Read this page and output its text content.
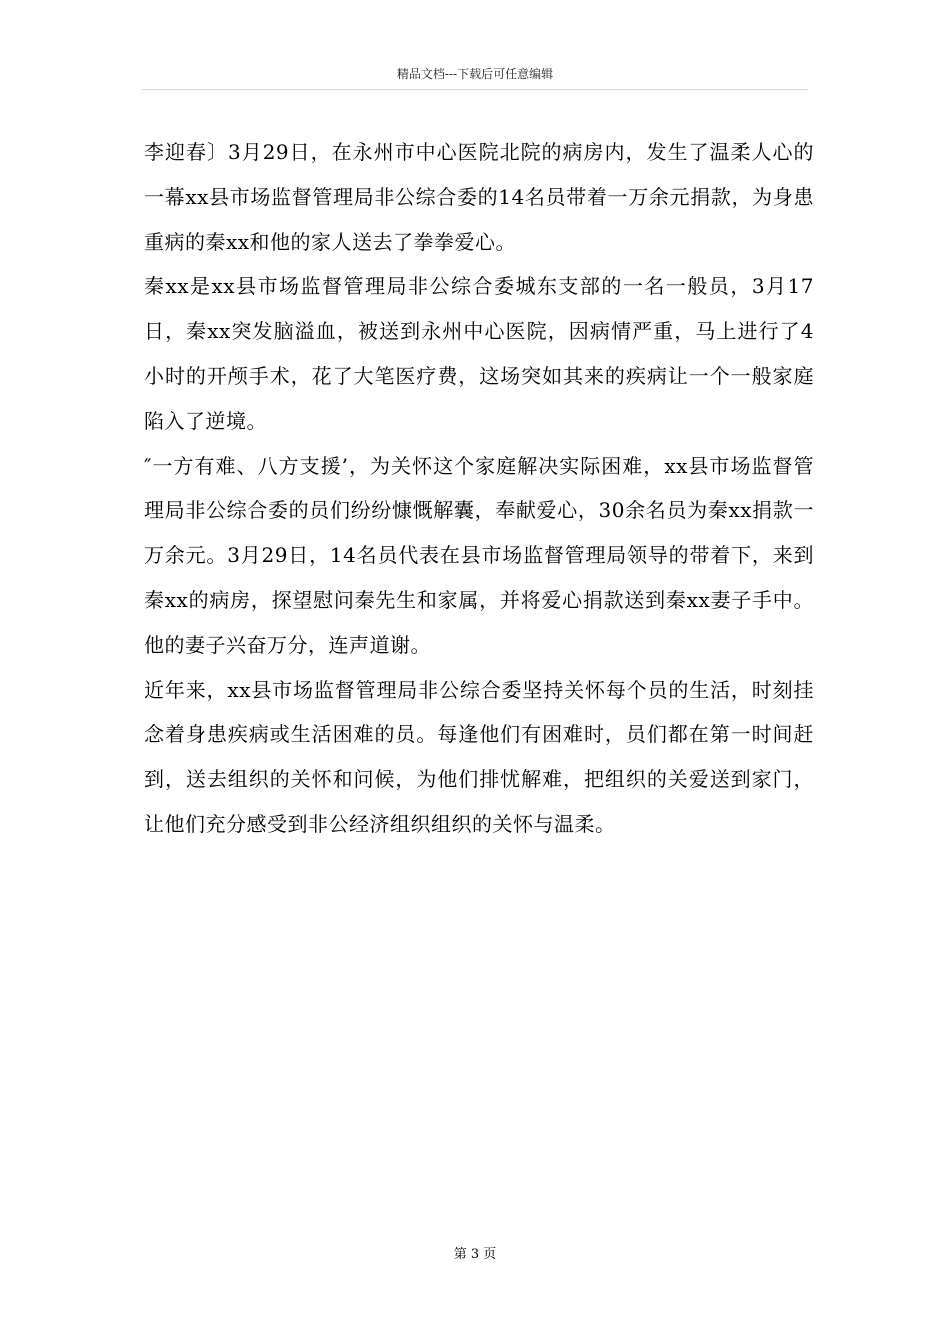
精品文档---下载后可任意编辑

李迎春〕3月29日，在永州市中心医院北院的病房内，发生了温柔人心的一幕xx县市场监督管理局非公综合委的14名员带着一万余元捐款，为身患重病的秦xx和他的家人送去了拳拳爱心。

秦xx是xx县市场监督管理局非公综合委城东支部的一名一般员，3月17日，秦xx突发脑溢血，被送到永州中心医院，因病情严重，马上进行了4小时的开颅手术，花了大笔医疗费，这场突如其来的疾病让一个一般家庭陷入了逆境。

″一方有难、八方支援’，为关怀这个家庭解决实际困难，xx县市场监督管理局非公综合委的员们纷纷慷慨解囊，奉献爱心，30余名员为秦xx捐款一万余元。3月29日，14名员代表在县市场监督管理局领导的带着下，来到秦xx的病房，探望慰问秦先生和家属，并将爱心捐款送到秦xx妻子手中。他的妻子兴奋万分，连声道谢。

近年来，xx县市场监督管理局非公综合委坚持关怀每个员的生活，时刻挂念着身患疾病或生活困难的员。每逢他们有困难时，员们都在第一时间赶到，送去组织的关怀和问候，为他们排忧解难，把组织的关爱送到家门，让他们充分感受到非公经济组织组织的关怀与温柔。

第 3 页
